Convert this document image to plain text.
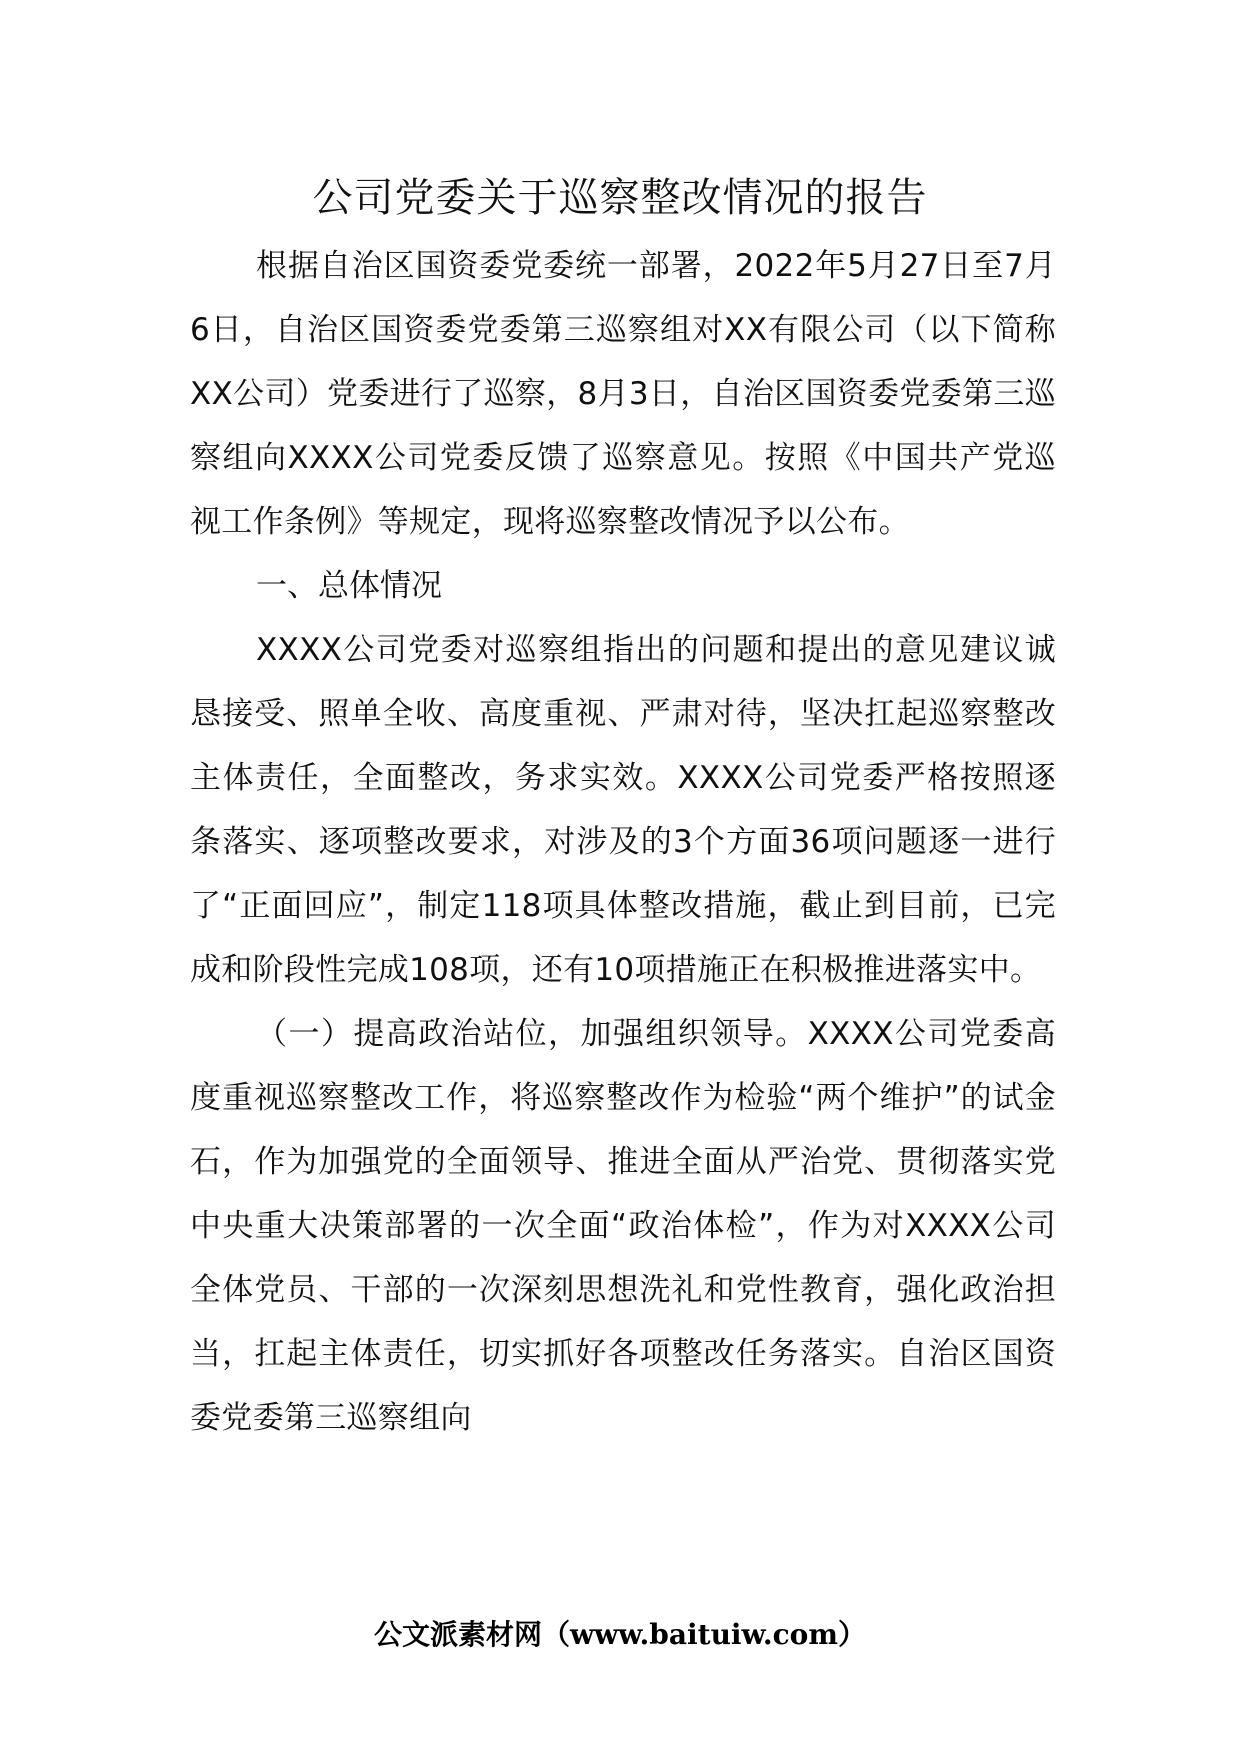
公司党委关于巡察整改情况的报告

根据自治区国资委党委统一部署，2022年5月27日至7月6日，自治区国资委党委第三巡察组对XX有限公司（以下简称XX公司）党委进行了巡察，8月3日，自治区国资委党委第三巡察组向XXXX公司党委反馈了巡察意见。按照《中国共产党巡视工作条例》等规定，现将巡察整改情况予以公布。

一、总体情况

XXXX公司党委对巡察组指出的问题和提出的意见建议诚恳接受、照单全收、高度重视、严肃对待，坚决扛起巡察整改主体责任，全面整改，务求实效。XXXX公司党委严格按照逐条落实、逐项整改要求，对涉及的3个方面36项问题逐一进行了“正面回应”，制定118项具体整改措施，截止到目前，已完成和阶段性完成108项，还有10项措施正在积极推进落实中。

（一）提高政治站位，加强组织领导。XXXX公司党委高度重视巡察整改工作，将巡察整改作为检验“两个维护”的试金石，作为加强党的全面领导、推进全面从严治党、贯彻落实党中央重大决策部署的一次全面“政治体检”，作为对XXXX公司全体党员、干部的一次深刻思想洗礼和党性教育，强化政治担当，扛起主体责任，切实抓好各项整改任务落实。自治区国资委党委第三巡察组向

公文派素材网（www.baituiw.com）
